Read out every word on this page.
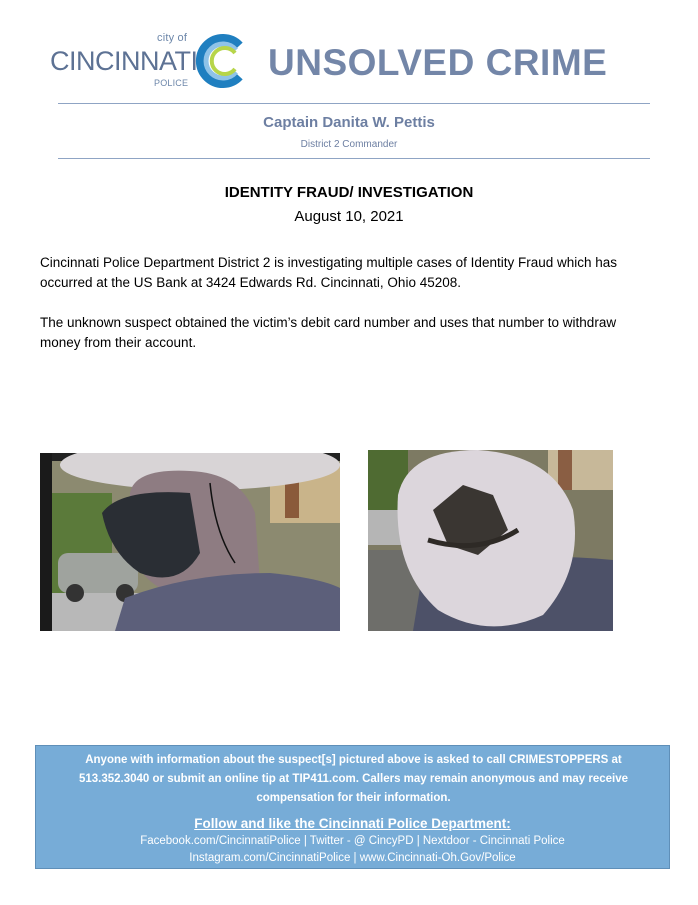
city of
CINCINNATI
POLICE UNSOLVED CRIME
Captain Danita W. Pettis
District 2 Commander
IDENTITY FRAUD/ INVESTIGATION
August 10, 2021
Cincinnati Police Department District 2 is investigating multiple cases of Identity Fraud which has occurred at the US Bank at 3424 Edwards Rd. Cincinnati, Ohio 45208.
The unknown suspect obtained the victim’s debit card number and uses that number to withdraw money from their account.
Anyone with information about the suspect[s] pictured above is asked to call CRIMESTOPPERS at 513.352.3040 or submit an online tip at TIP411.com. Callers may remain anonymous and may receive compensation for their information.
Follow and like the Cincinnati Police Department:
Facebook.com/CincinnatiPolice | Twitter - @ CincyPD | Nextdoor - Cincinnati Police
Instagram.com/CincinnatiPolice | www.Cincinnati-Oh.Gov/Police
